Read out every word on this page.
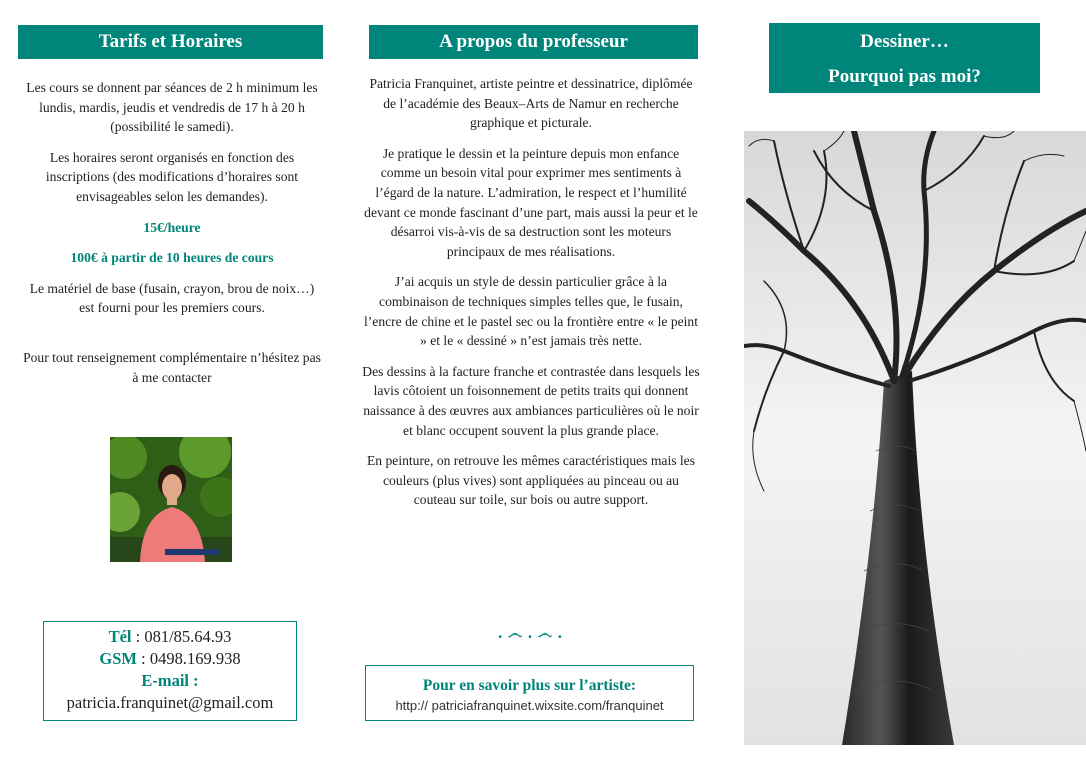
Tarifs et Horaires

Les cours se donnent par séances de 2 h minimum les lundis, mardis, jeudis et vendredis de 17 h à 20 h (possibilité le samedi).

Les horaires seront organisés en fonction des inscriptions (des modifications d’horaires sont envisageables selon les demandes).

15€/heure

100€ à partir de 10 heures de cours

Le matériel de base (fusain, crayon, brou de noix…) est fourni pour les premiers cours.

Pour tout renseignement complémentaire n’hésitez pas à me contacter

Tél : 081/85.64.93
GSM : 0498.169.938
E-mail :
patricia.franquinet@gmail.com
A propos du professeur

Patricia Franquinet, artiste peintre et dessinatrice, diplômée de l’académie des Beaux–Arts de Namur en recherche graphique et picturale.

Je pratique le dessin et la peinture depuis mon enfance comme un besoin vital pour exprimer mes sentiments à l’égard de la nature. L’admiration, le respect et l’humilité devant ce monde fascinant d’une part, mais aussi la peur et le désarroi vis-à-vis de sa destruction sont les moteurs principaux de mes réalisations.

J’ai acquis un style de dessin particulier grâce à la combinaison de techniques simples telles que, le fusain, l’encre de chine et le pastel sec ou la frontière entre « le peint » et le « dessiné » n’est jamais très nette.

Des dessins à la facture franche et contrastée dans lesquels les lavis côtoient un foisonnement de petits traits qui donnent naissance à des œuvres aux ambiances particulières où le noir et blanc occupent souvent la plus grande place.

En peinture, on retrouve les mêmes caractéristiques mais les couleurs (plus vives) sont appliquées au pinceau ou au couteau sur toile, sur bois ou autre support.

. ෴ . ෴ .
Pour en savoir plus sur l’artiste:
http:// patriciafranquinet.wixsite.com/franquinet
Dessiner…
Pourquoi pas moi?
